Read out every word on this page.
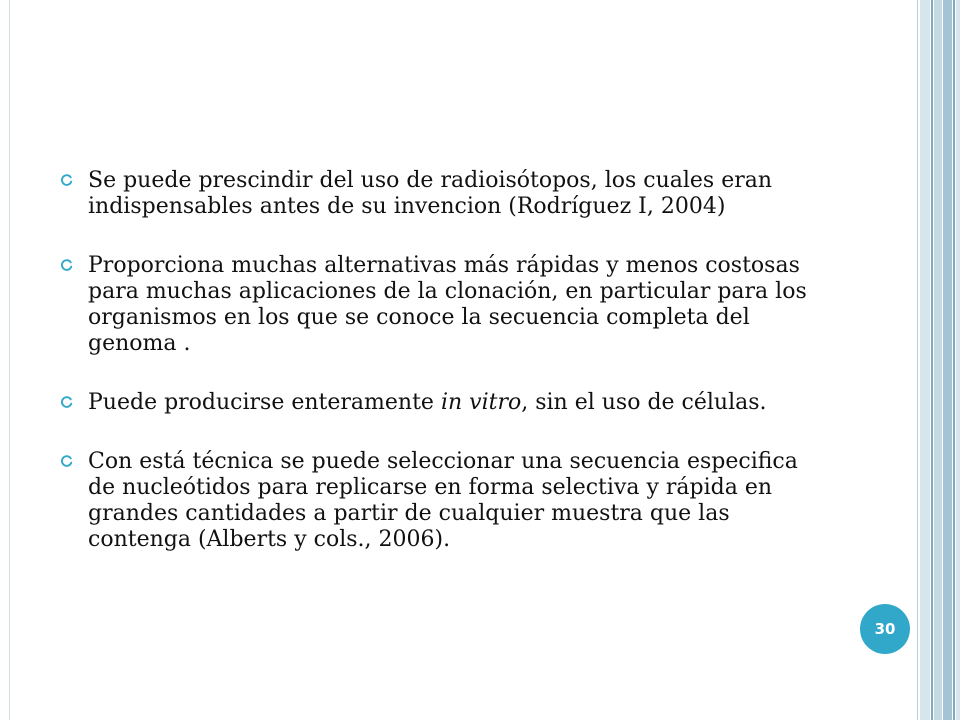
Se puede prescindir del uso de radioisótopos, los cuales eran indispensables antes de su invencion (Rodríguez I, 2004)
Proporciona muchas alternativas más rápidas y menos costosas para muchas aplicaciones de la clonación, en particular para los organismos en los que se conoce la secuencia completa del genoma .
Puede producirse enteramente in vitro, sin el uso de células.
Con está técnica se puede seleccionar una secuencia especifica de nucleótidos para replicarse en forma selectiva y rápida en grandes cantidades a partir de cualquier muestra que las contenga (Alberts y cols., 2006).
30
